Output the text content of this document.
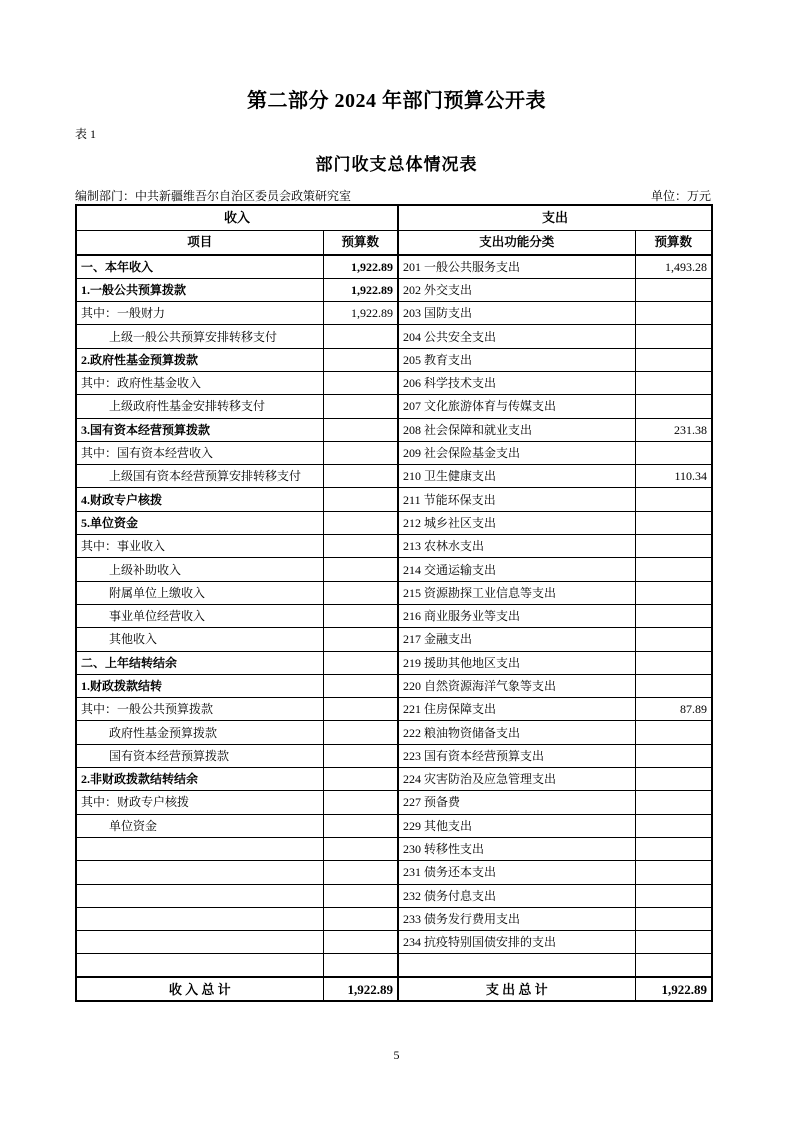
第二部分 2024 年部门预算公开表
表 1
部门收支总体情况表
编制部门：中共新疆维吾尔自治区委员会政策研究室	单位：万元
收入		支出	
项目	预算数	支出功能分类	预算数
一、本年收入	1,922.89	201 一般公共服务支出	1,493.28
1.一般公共预算拨款	1,922.89	202 外交支出	
其中：一般财力	1,922.89	203 国防支出	
上级一般公共预算安排转移支付		204 公共安全支出	
2.政府性基金预算拨款		205 教育支出	
其中：政府性基金收入		206 科学技术支出	
上级政府性基金安排转移支付		207 文化旅游体育与传媒支出	
3.国有资本经营预算拨款		208 社会保障和就业支出	231.38
其中：国有资本经营收入		209 社会保险基金支出	
上级国有资本经营预算安排转移支付		210 卫生健康支出	110.34
4.财政专户核拨		211 节能环保支出	
5.单位资金		212 城乡社区支出	
其中：事业收入		213 农林水支出	
上级补助收入		214 交通运输支出	
附属单位上缴收入		215 资源勘探工业信息等支出	
事业单位经营收入		216 商业服务业等支出	
其他收入		217 金融支出	
二、上年结转结余		219 援助其他地区支出	
1.财政拨款结转		220 自然资源海洋气象等支出	
其中：一般公共预算拨款		221 住房保障支出	87.89
政府性基金预算拨款		222 粮油物资储备支出	
国有资本经营预算拨款		223 国有资本经营预算支出	
2.非财政拨款结转结余		224 灾害防治及应急管理支出	
其中：财政专户核拨		227 预备费	
单位资金		229 其他支出	
		230 转移性支出	
		231 债务还本支出	
		232 债务付息支出	
		233 债务发行费用支出	
		234 抗疫特别国债安排的支出	

收 入 总 计	1,922.89	支 出 总 计	1,922.89
5
